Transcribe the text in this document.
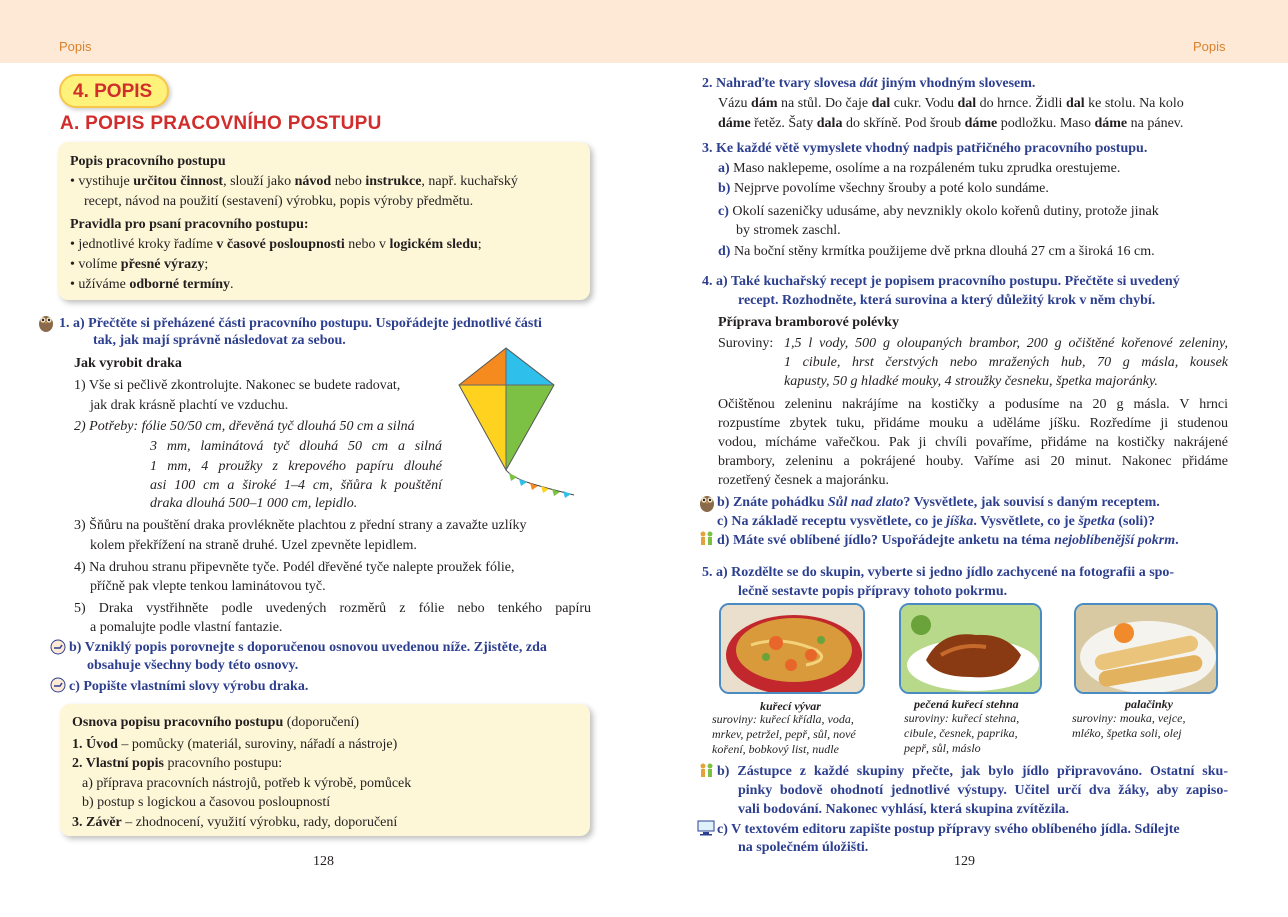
Popis	Popis
4. POPIS
A. POPIS PRACOVNÍHO POSTUPU

Popis pracovního postupu

• vystihuje určitou činnost, slouží jako návod nebo instrukce, např. kuchařský

recept, návod na použití (sestavení) výrobku, popis výroby předmětu.

Pravidla pro psaní pracovního postupu:

• jednotlivé kroky řadíme v časové posloupnosti nebo v logickém sledu;

• volíme přesné výrazy;

• užíváme odborné termíny.

1. a) Přečtěte si přeházené části pracovního postupu. Uspořádejte jednotlivé části
tak, jak mají správně následovat za sebou.
Jak vyrobit draka
1) Vše si pečlivě zkontrolujte. Nakonec se budete radovat,
jak drak krásně plachtí ve vzduchu.
2) Potřeby: fólie 50/50 cm, dřevěná tyč dlouhá 50 cm a silná
3 mm, laminátová tyč dlouhá 50 cm a silná
1 mm, 4 proužky z krepového papíru dlouhé
asi 100 cm a široké 1–4 cm, šňůra k pouštění
draka dlouhá 500–1 000 cm, lepidlo.
3) Šňůru na pouštění draka provlékněte plachtou z přední strany a zavažte uzlíky
kolem překřížení na straně druhé. Uzel zpevněte lepidlem.
4) Na druhou stranu připevněte tyče. Podél dřevěné tyče nalepte proužek fólie,
příčně pak vlepte tenkou laminátovou tyč.
5) Draka vystřihněte podle uvedených rozměrů z fólie nebo tenkého papíru
a pomalujte podle vlastní fantazie.
b) Vzniklý popis porovnejte s doporučenou osnovou uvedenou níže. Zjistěte, zda
obsahuje všechny body této osnovy.
c) Popište vlastními slovy výrobu draka.

Osnova popisu pracovního postupu (doporučení)

1. Úvod – pomůcky (materiál, suroviny, nářadí a nástroje)

2. Vlastní popis pracovního postupu:

a) příprava pracovních nástrojů, potřeb k výrobě, pomůcek

b) postup s logickou a časovou posloupností

3. Závěr – zhodnocení, využití výrobku, rady, doporučení

128
2. Nahraďte tvary slovesa dát jiným vhodným slovesem.
Vázu dám na stůl. Do čaje dal cukr. Vodu dal do hrnce. Židli dal ke stolu. Na kolo
dáme řetěz. Šaty dala do skříně. Pod šroub dáme podložku. Maso dáme na pánev.
3. Ke každé větě vymyslete vhodný nadpis patřičného pracovního postupu.
a) Maso naklepeme, osolíme a na rozpáleném tuku zprudka orestujeme.
b) Nejprve povolíme všechny šrouby a poté kolo sundáme.
c) Okolí sazeničky udusáme, aby nevznikly okolo kořenů dutiny, protože jinak
by stromek zaschl.
d) Na boční stěny krmítka použijeme dvě prkna dlouhá 27 cm a široká 16 cm.
4. a) Také kuchařský recept je popisem pracovního postupu. Přečtěte si uvedený
recept. Rozhodněte, která surovina a který důležitý krok v něm chybí.
Příprava bramborové polévky
Suroviny: 1,5 l vody, 500 g oloupaných brambor, 200 g očištěné kořenové zeleniny,
1 cibule, hrst čerstvých nebo mražených hub, 70 g másla, kousek
kapusty, 50 g hladké mouky, 4 stroužky česneku, špetka majoránky.
Očištěnou zeleninu nakrájíme na kostičky a podusíme na 20 g másla. V hrnci
rozpustíme zbytek tuku, přidáme mouku a uděláme jíšku. Rozředíme ji studenou
vodou, mícháme vařečkou. Pak ji chvíli povaříme, přidáme na kostičky nakrájené
brambory, zeleninu a pokrájené houby. Vaříme asi 20 minut. Nakonec přidáme
rozetřený česnek a majoránku.
b) Znáte pohádku Sůl nad zlato? Vysvětlete, jak souvisí s daným receptem.
c) Na základě receptu vysvětlete, co je jíška. Vysvětlete, co je špetka (soli)?
d) Máte své oblíbené jídlo? Uspořádejte anketu na téma nejoblíbenější pokrm.
5. a) Rozdělte se do skupin, vyberte si jedno jídlo zachycené na fotografii a spo-
lečně sestavte popis přípravy tohoto pokrmu.
kuřecí vývar
suroviny: kuřecí křídla, voda,
mrkev, petržel, pepř, sůl, nové
koření, bobkový list, nudle
pečená kuřecí stehna
suroviny: kuřecí stehna,
cibule, česnek, paprika,
pepř, sůl, máslo
palačinky
suroviny: mouka, vejce,
mléko, špetka soli, olej
b) Zástupce z každé skupiny přečte, jak bylo jídlo připravováno. Ostatní sku-
pinky bodově ohodnotí jednotlivé výstupy. Učitel určí dva žáky, aby zapiso-
vali bodování. Nakonec vyhlásí, která skupina zvítězila.
c) V textovém editoru zapište postup přípravy svého oblíbeného jídla. Sdílejte
na společném úložišti.
129
